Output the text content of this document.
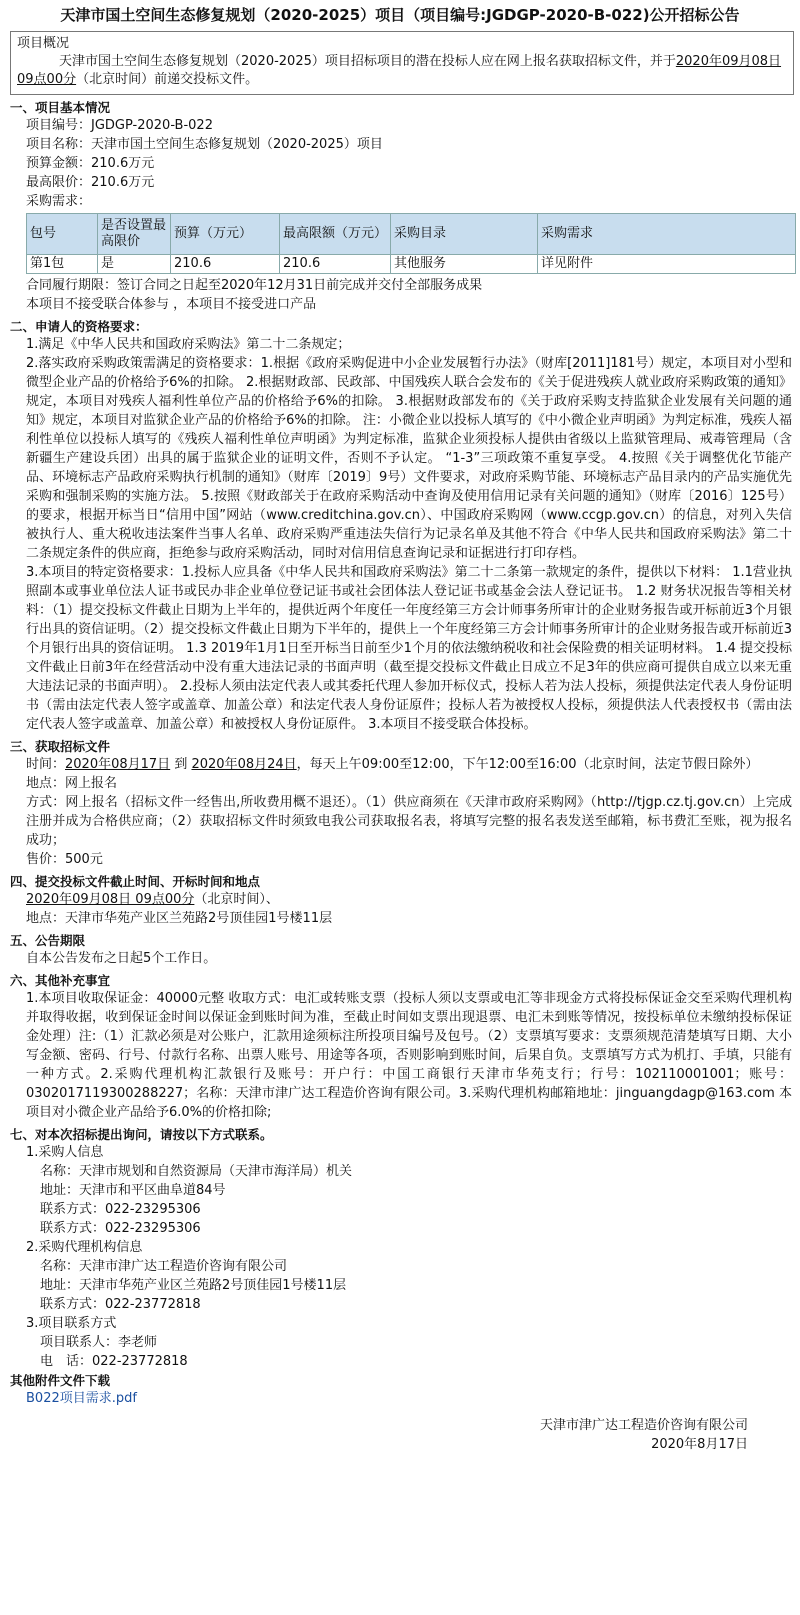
天津市国土空间生态修复规划（2020-2025）项目（项目编号:JGDGP-2020-B-022)公开招标公告
项目概况
天津市国土空间生态修复规划（2020-2025）项目招标项目的潜在投标人应在网上报名获取招标文件，并于2020年09月08日 09点00分（北京时间）前递交投标文件。
一、项目基本情况
项目编号：JGDGP-2020-B-022
项目名称：天津市国土空间生态修复规划（2020-2025）项目
预算金额：210.6万元
最高限价：210.6万元
采购需求：
包号	是否设置最高限价	预算（万元）	最高限额（万元）	采购目录	采购需求
第1包	是	210.6	210.6	其他服务	详见附件
合同履行期限：签订合同之日起至2020年12月31日前完成并交付全部服务成果
本项目不接受联合体参与 ，本项目不接受进口产品
二、申请人的资格要求：
1.满足《中华人民共和国政府采购法》第二十二条规定；
2.落实政府采购政策需满足的资格要求：1.根据《政府采购促进中小企业发展暂行办法》（财库[2011]181号）规定，本项目对小型和微型企业产品的价格给予6%的扣除。 2.根据财政部、民政部、中国残疾人联合会发布的《关于促进残疾人就业政府采购政策的通知》规定，本项目对残疾人福利性单位产品的价格给予6%的扣除。 3.根据财政部发布的《关于政府采购支持监狱企业发展有关问题的通知》规定，本项目对监狱企业产品的价格给予6%的扣除。 注：小微企业以投标人填写的《中小微企业声明函》为判定标准，残疾人福利性单位以投标人填写的《残疾人福利性单位声明函》为判定标准，监狱企业须投标人提供由省级以上监狱管理局、戒毒管理局（含新疆生产建设兵团）出具的属于监狱企业的证明文件，否则不予认定。 “1-3”三项政策不重复享受。 4.按照《关于调整优化节能产品、环境标志产品政府采购执行机制的通知》（财库〔2019〕9号）文件要求，对政府采购节能、环境标志产品目录内的产品实施优先采购和强制采购的实施方法。 5.按照《财政部关于在政府采购活动中查询及使用信用记录有关问题的通知》（财库〔2016〕125号）的要求，根据开标当日“信用中国”网站（www.creditchina.gov.cn）、中国政府采购网（www.ccgp.gov.cn）的信息，对列入失信被执行人、重大税收违法案件当事人名单、政府采购严重违法失信行为记录名单及其他不符合《中华人民共和国政府采购法》第二十二条规定条件的供应商，拒绝参与政府采购活动，同时对信用信息查询记录和证据进行打印存档。
3.本项目的特定资格要求：1.投标人应具备《中华人民共和国政府采购法》第二十二条第一款规定的条件，提供以下材料： 1.1营业执照副本或事业单位法人证书或民办非企业单位登记证书或社会团体法人登记证书或基金会法人登记证书。 1.2 财务状况报告等相关材料：（1）提交投标文件截止日期为上半年的，提供近两个年度任一年度经第三方会计师事务所审计的企业财务报告或开标前近3个月银行出具的资信证明。（2）提交投标文件截止日期为下半年的，提供上一个年度经第三方会计师事务所审计的企业财务报告或开标前近3个月银行出具的资信证明。 1.3 2019年1月1日至开标当日前至少1个月的依法缴纳税收和社会保险费的相关证明材料。 1.4 提交投标文件截止日前3年在经营活动中没有重大违法记录的书面声明（截至提交投标文件截止日成立不足3年的供应商可提供自成立以来无重大违法记录的书面声明）。 2.投标人须由法定代表人或其委托代理人参加开标仪式，投标人若为法人投标，须提供法定代表人身份证明书（需由法定代表人签字或盖章、加盖公章）和法定代表人身份证原件；投标人若为被授权人投标，须提供法人代表授权书（需由法定代表人签字或盖章、加盖公章）和被授权人身份证原件。 3.本项目不接受联合体投标。
三、获取招标文件
时间：2020年08月17日 到 2020年08月24日，每天上午09:00至12:00，下午12:00至16:00（北京时间，法定节假日除外）
地点：网上报名
方式：网上报名（招标文件一经售出,所收费用概不退还）。（1）供应商须在《天津市政府采购网》（http://tjgp.cz.tj.gov.cn）上完成注册并成为合格供应商；（2）获取招标文件时须致电我公司获取报名表，将填写完整的报名表发送至邮箱，标书费汇至账，视为报名成功；
售价：500元
四、提交投标文件截止时间、开标时间和地点
2020年09月08日 09点00分（北京时间）、
地点：天津市华苑产业区兰苑路2号顶佳园1号楼11层
五、公告期限
自本公告发布之日起5个工作日。
六、其他补充事宜
1.本项目收取保证金：40000元整 收取方式：电汇或转账支票（投标人须以支票或电汇等非现金方式将投标保证金交至采购代理机构并取得收据，收到保证金时间以保证金到账时间为准，至截止时间如支票出现退票、电汇未到账等情况，按投标单位未缴纳投标保证金处理）注:（1）汇款必须是对公账户，汇款用途须标注所投项目编号及包号。（2）支票填写要求：支票须规范清楚填写日期、大小写金额、密码、行号、付款行名称、出票人账号、用途等各项，否则影响到账时间，后果自负。支票填写方式为机打、手填，只能有一种方式。2.采购代理机构汇款银行及账号：开户行：中国工商银行天津市华苑支行；行号：102110001001；账号：0302017119300288227；名称：天津市津广达工程造价咨询有限公司。3.采购代理机构邮箱地址：jinguangdagp@163.com 本项目对小微企业产品给予6.0%的价格扣除;
七、对本次招标提出询问，请按以下方式联系。
1.采购人信息
名称：天津市规划和自然资源局（天津市海洋局）机关
地址：天津市和平区曲阜道84号
联系方式：022-23295306
联系方式：022-23295306
2.采购代理机构信息
名称：天津市津广达工程造价咨询有限公司
地址：天津市华苑产业区兰苑路2号顶佳园1号楼11层
联系方式：022-23772818
3.项目联系方式
项目联系人：李老师
电　话：022-23772818
其他附件文件下载
B022项目需求.pdf
天津市津广达工程造价咨询有限公司
2020年8月17日
